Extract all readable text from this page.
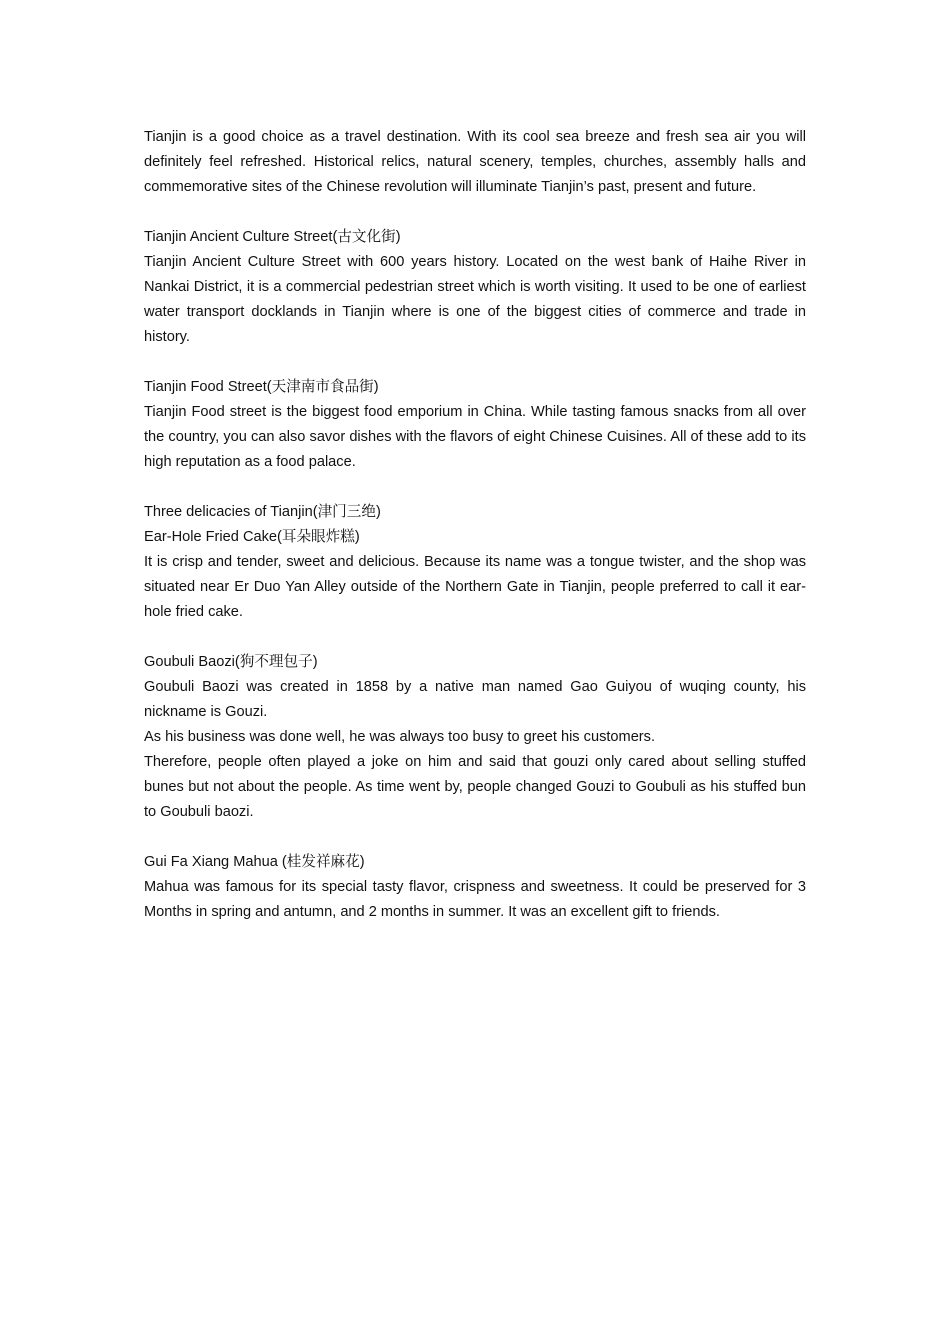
Tianjin is a good choice as a travel destination. With its cool sea breeze and fresh sea air you will definitely feel refreshed. Historical relics, natural scenery, temples, churches, assembly halls and commemorative sites of the Chinese revolution will illuminate Tianjin’s past, present and future.

Tianjin Ancient Culture Street(古文化街)

Tianjin Ancient Culture Street with 600 years history. Located on the west bank of Haihe River in Nankai District, it is a commercial pedestrian street which is worth visiting. It used to be one of earliest water transport docklands in Tianjin where is one of the biggest cities of commerce and trade in history.

Tianjin Food Street(天津南市食品街)

Tianjin Food street is the biggest food emporium in China. While tasting famous snacks from all over the country, you can also savor dishes with the flavors of eight Chinese Cuisines. All of these add to its high reputation as a food palace.

Three delicacies of Tianjin(津门三绝)

Ear-Hole Fried Cake(耳朵眼炸糕)

It is crisp and tender, sweet and delicious. Because its name was a tongue twister, and the shop was situated near Er Duo Yan Alley outside of the Northern Gate in Tianjin, people preferred to call it ear-hole fried cake.

Goubuli Baozi(狗不理包子)

Goubuli Baozi was created in 1858 by a native man named Gao Guiyou of wuqing county, his nickname is Gouzi.

As his business was done well, he was always too busy to greet his customers.

Therefore, people often played a joke on him and said that gouzi only cared about selling stuffed bunes but not about the people. As time went by, people changed Gouzi to Goubuli as his stuffed bun to Goubuli baozi.

Gui Fa Xiang Mahua (桂发祥麻花)

Mahua was famous for its special tasty flavor, crispness and sweetness. It could be preserved for 3 Months in spring and antumn, and 2 months in summer. It was an excellent gift to friends.
